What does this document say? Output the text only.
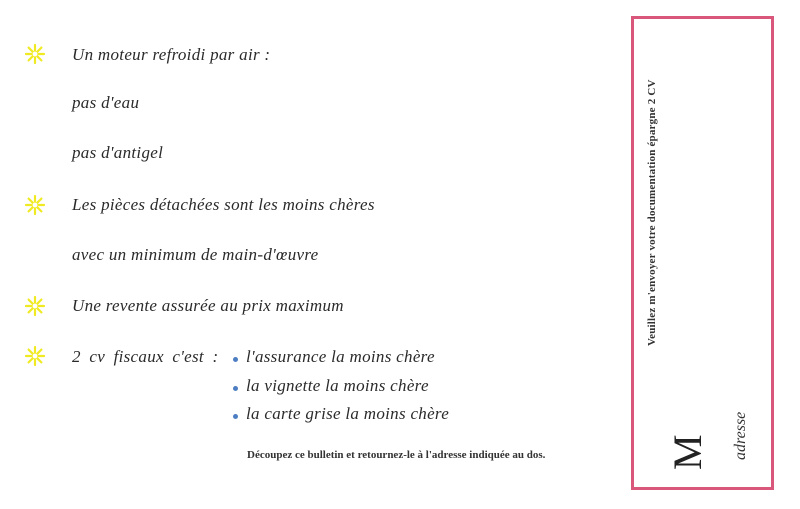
Un moteur refroidi par air :
pas d'eau
pas d'antigel
Les pièces détachées sont les moins chères
avec un minimum de main-d'œuvre
Une revente assurée au prix maximum
2 cv fiscaux c'est : l'assurance la moins chère
la vignette la moins chère
la carte grise la moins chère
Découpez ce bulletin et retournez-le à l'adresse indiquée au dos.
Veuillez m'envoyer votre documentation épargne 2 CV
M adresse
